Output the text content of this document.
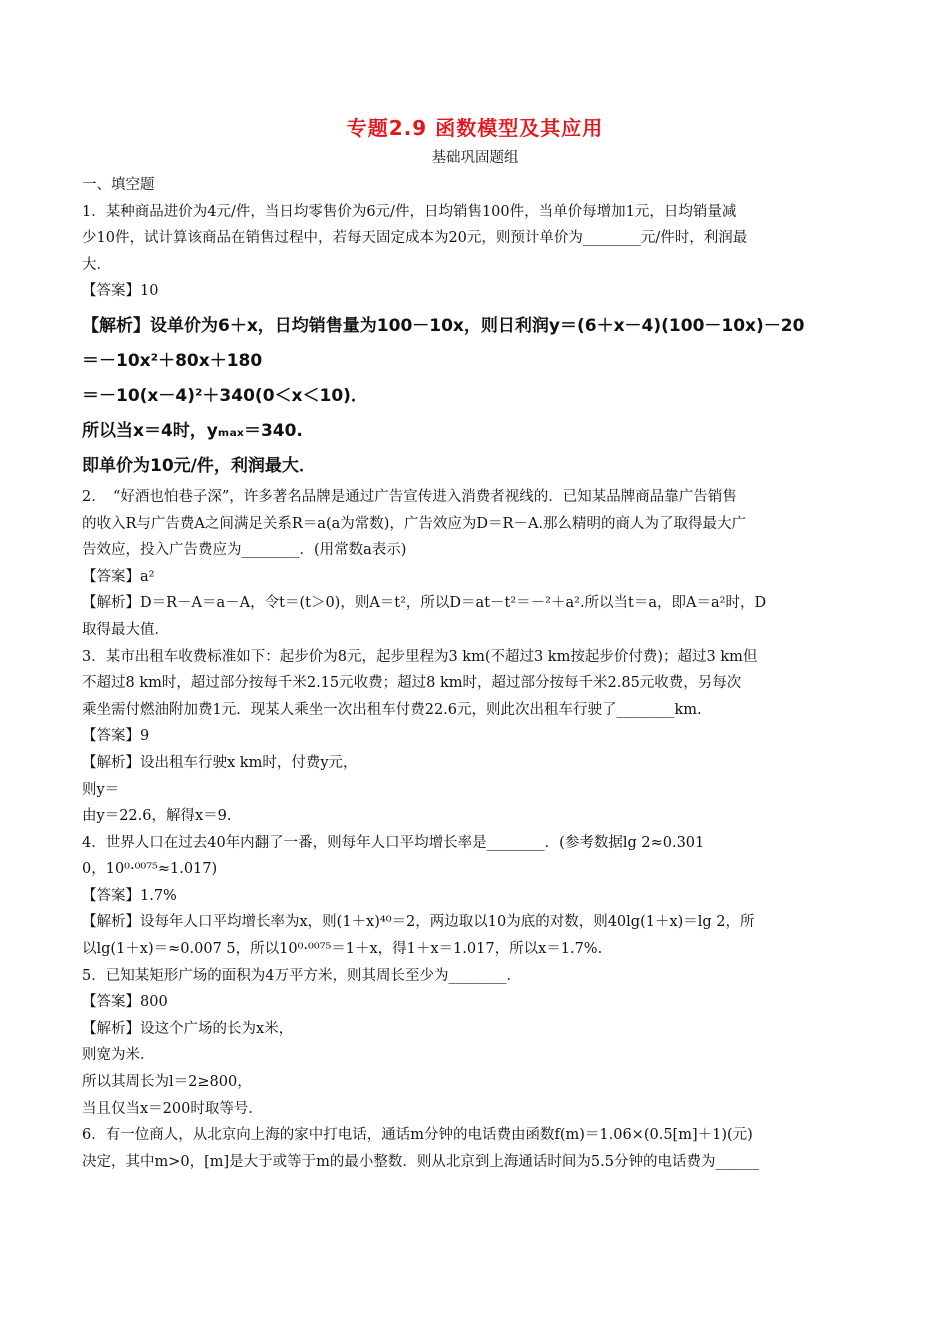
专题2.9 函数模型及其应用
基础巩固题组
一、填空题
1．某种商品进价为4元/件，当日均零售价为6元/件，日均销售100件，当单价每增加1元，日均销量减
少10件，试计算该商品在销售过程中，若每天固定成本为20元，则预计单价为________元/件时，利润最
大．
【答案】10
【解析】设单价为6＋x，日均销售量为100－10x，则日利润y＝(6＋x－4)(100－10x)－20
＝－10x²＋80x＋180
＝－10(x－4)²＋340(0＜x＜10)．
所以当x＝4时，yₘₐₓ＝340.
即单价为10元/件，利润最大．
2．　“好酒也怕巷子深”，许多著名品牌是通过广告宣传进入消费者视线的．已知某品牌商品靠广告销售
的收入R与广告费A之间满足关系R＝a(a为常数)，广告效应为D＝R－A.那么精明的商人为了取得最大广
告效应，投入广告费应为________．(用常数a表示)
【答案】a²
【解析】D＝R－A＝a－A，令t＝(t＞0)，则A＝t²，所以D＝at－t²＝－²＋a².所以当t＝a，即A＝a²时，D
取得最大值．
3．某市出租车收费标准如下：起步价为8元，起步里程为3 km(不超过3 km按起步价付费)；超过3 km但
不超过8 km时，超过部分按每千米2.15元收费；超过8 km时，超过部分按每千米2.85元收费，另每次
乘坐需付燃油附加费1元．现某人乘坐一次出租车付费22.6元，则此次出租车行驶了________km.
【答案】9
【解析】设出租车行驶x km时，付费y元，
则y＝
由y＝22.6，解得x＝9.
4．世界人口在过去40年内翻了一番，则每年人口平均增长率是________．(参考数据lg 2≈0.301
0，10⁰·⁰⁰⁷⁵≈1.017)
【答案】1.7%
【解析】设每年人口平均增长率为x，则(1＋x)⁴⁰＝2，两边取以10为底的对数，则40lg(1＋x)＝lg 2，所
以lg(1＋x)＝≈0.007 5，所以10⁰·⁰⁰⁷⁵＝1＋x，得1＋x＝1.017，所以x＝1.7%.
5．已知某矩形广场的面积为4万平方米，则其周长至少为________．
【答案】800
【解析】设这个广场的长为x米，
则宽为米．
所以其周长为l＝2≥800，
当且仅当x＝200时取等号．
6．有一位商人，从北京向上海的家中打电话，通话m分钟的电话费由函数f(m)＝1.06×(0.5[m]＋1)(元)
决定，其中m>0，[m]是大于或等于m的最小整数．则从北京到上海通话时间为5.5分钟的电话费为______
